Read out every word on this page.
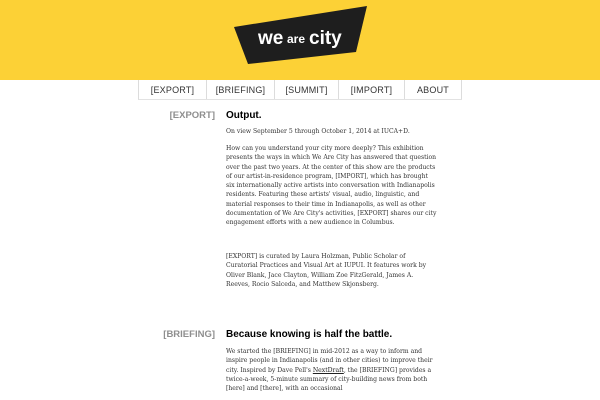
we are city
[EXPORT]	[BRIEFING]	[SUMMIT]	[IMPORT]	ABOUT
[EXPORT] Output.

On view September 5 through October 1, 2014 at IUCA+D.

How can you understand your city more deeply? This exhibition presents the ways in which We Are City has answered that question over the past two years. At the center of this show are the products of our artist-in-residence program, [IMPORT], which has brought six internationally active artists into conversation with Indianapolis residents. Featuring these artists' visual, audio, linguistic, and material responses to their time in Indianapolis, as well as other documentation of We Are City's activities, [EXPORT] shares our city engagement efforts with a new audience in Columbus.

[EXPORT] is curated by Laura Holzman, Public Scholar of Curatorial Practices and Visual Art at IUPUI. It features work by Oliver Blank, Jace Clayton, William Zoe FitzGerald, James A. Reeves, Rocio Salceda, and Matthew Skjonsberg.

[BRIEFING] Because knowing is half the battle.

We started the [BRIEFING] in mid-2012 as a way to inform and inspire people in Indianapolis (and in other cities) to improve their city. Inspired by Dave Pell's NextDraft, the [BRIEFING] provides a twice-a-week, 5-minute summary of city-building news from both [here] and [there], with an occasional
